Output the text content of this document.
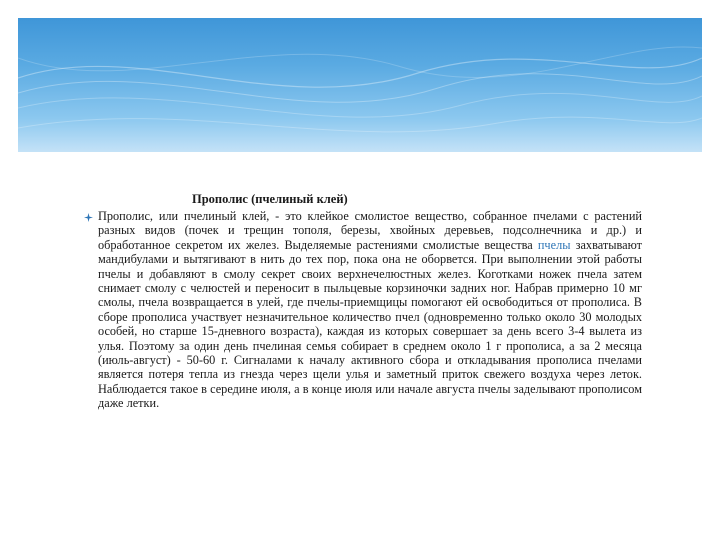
Прополис (пчелиный клей)

Прополис, или пчелиный клей, - это клейкое смолистое вещество, собранное пчелами с растений разных видов (почек и трещин тополя, березы, хвойных деревьев, подсолнечника и др.) и обработанное секретом их желез. Выделяемые растениями смолистые вещества пчелы захватывают мандибулами и вытягивают в нить до тех пор, пока она не оборвется. При выполнении этой работы пчелы и добавляют в смолу секрет своих верхнечелюстных желез. Коготками ножек пчела затем снимает смолу с челюстей и переносит в пыльцевые корзиночки задних ног. Набрав примерно 10 мг смолы, пчела возвращается в улей, где пчелы-приемщицы помогают ей освободиться от прополиса. В сборе прополиса участвует незначительное количество пчел (одновременно только около 30 молодых особей, но старше 15-дневного возраста), каждая из которых совершает за день всего 3-4 вылета из улья. Поэтому за один день пчелиная семья собирает в среднем около 1 г прополиса, а за 2 месяца (июль-август) - 50-60 г. Сигналами к началу активного сбора и откладывания прополиса пчелами является потеря тепла из гнезда через щели улья и заметный приток свежего воздуха через леток. Наблюдается такое в середине июля, а в конце июля или начале августа пчелы заделывают прополисом даже летки.
